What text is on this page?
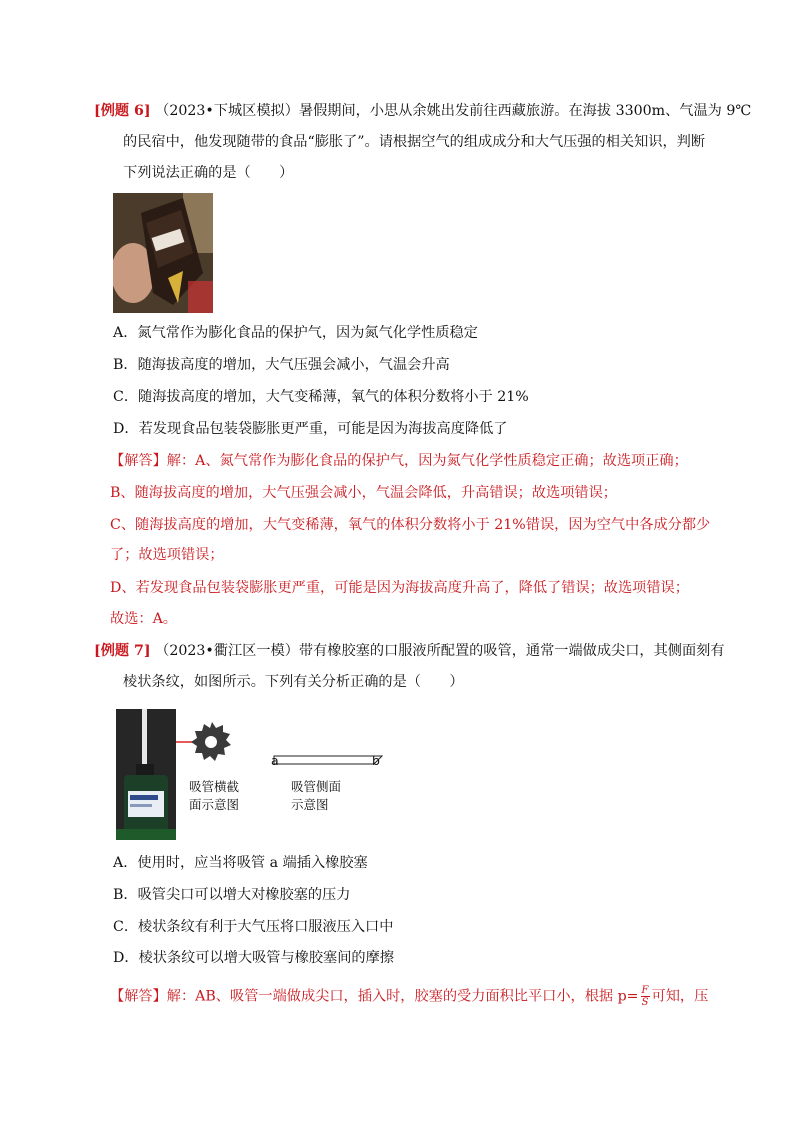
[例题 6] （2023•下城区模拟）暑假期间，小思从余姚出发前往西藏旅游。在海拔 3300m、气温为 9℃
的民宿中，他发现随带的食品“膨胀了”。请根据空气的组成成分和大气压强的相关知识，判断
下列说法正确的是（　　）
A．氮气常作为膨化食品的保护气，因为氮气化学性质稳定
B．随海拔高度的增加，大气压强会减小，气温会升高
C．随海拔高度的增加，大气变稀薄，氧气的体积分数将小于 21%
D．若发现食品包装袋膨胀更严重，可能是因为海拔高度降低了
【解答】解：A、氮气常作为膨化食品的保护气，因为氮气化学性质稳定正确；故选项正确；
B、随海拔高度的增加，大气压强会减小，气温会降低，升高错误；故选项错误；
C、随海拔高度的增加，大气变稀薄，氧气的体积分数将小于 21%错误，因为空气中各成分都少
了；故选项错误；
D、若发现食品包装袋膨胀更严重，可能是因为海拔高度升高了，降低了错误；故选项错误；
故选：A。
[例题 7] （2023•衢江区一模）带有橡胶塞的口服液所配置的吸管，通常一端做成尖口，其侧面刻有
棱状条纹，如图所示。下列有关分析正确的是（　　）
a	b
吸管横截
面示意图
吸管侧面
示意图
A．使用时，应当将吸管 a 端插入橡胶塞
B．吸管尖口可以增大对橡胶塞的压力
C．棱状条纹有利于大气压将口服液压入口中
D．棱状条纹可以增大吸管与橡胶塞间的摩擦
【解答】解：AB、吸管一端做成尖口，插入时，胶塞的受力面积比平口小，根据 $p= \frac{F}{S}$ 可知，压
